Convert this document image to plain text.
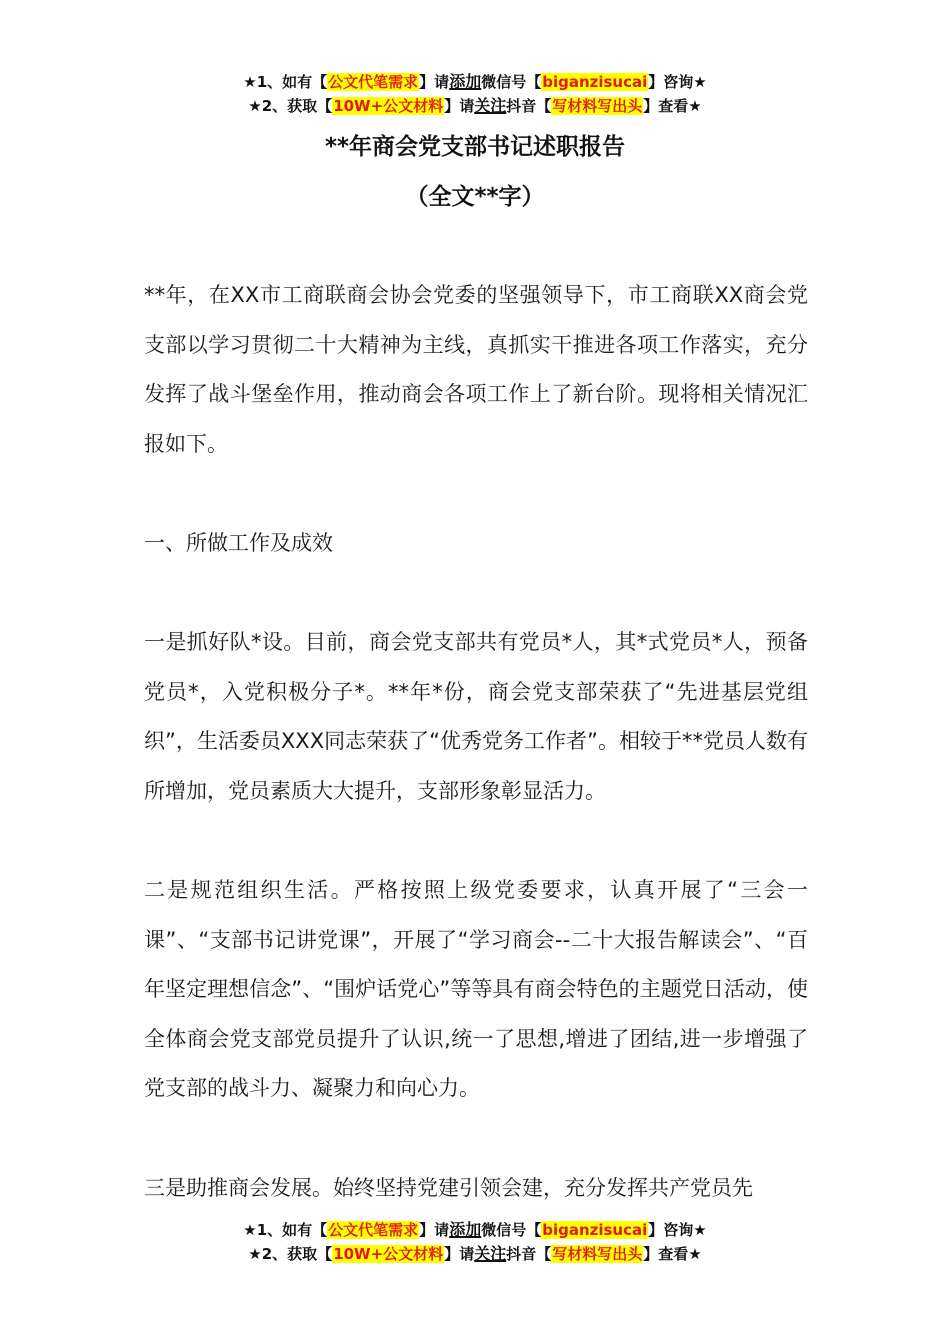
★1、如有【公文代笔需求】请添加微信号【biganzisucai】咨询★
★2、获取【10W+公文材料】请关注抖音【写材料写出头】查看★
**年商会党支部书记述职报告
（全文**字）
**年，在XX市工商联商会协会党委的坚强领导下，市工商联XX商会党支部以学习贯彻二十大精神为主线，真抓实干推进各项工作落实，充分发挥了战斗堡垒作用，推动商会各项工作上了新台阶。现将相关情况汇报如下。
一、所做工作及成效
一是抓好队*设。目前，商会党支部共有党员*人，其*式党员*人，预备党员*，入党积极分子*。**年*份，商会党支部荣获了“先进基层党组织”，生活委员XXX同志荣获了“优秀党务工作者”。相较于**党员人数有所增加，党员素质大大提升，支部形象彰显活力。
二是规范组织生活。严格按照上级党委要求，认真开展了“三会一课”、“支部书记讲党课”，开展了“学习商会--二十大报告解读会”、“百年坚定理想信念”、“围炉话党心”等等具有商会特色的主题党日活动，使全体商会党支部党员提升了认识,统一了思想,增进了团结,进一步增强了党支部的战斗力、凝聚力和向心力。
三是助推商会发展。始终坚持党建引领会建，充分发挥共产党员先
★1、如有【公文代笔需求】请添加微信号【biganzisucai】咨询★
★2、获取【10W+公文材料】请关注抖音【写材料写出头】查看★
